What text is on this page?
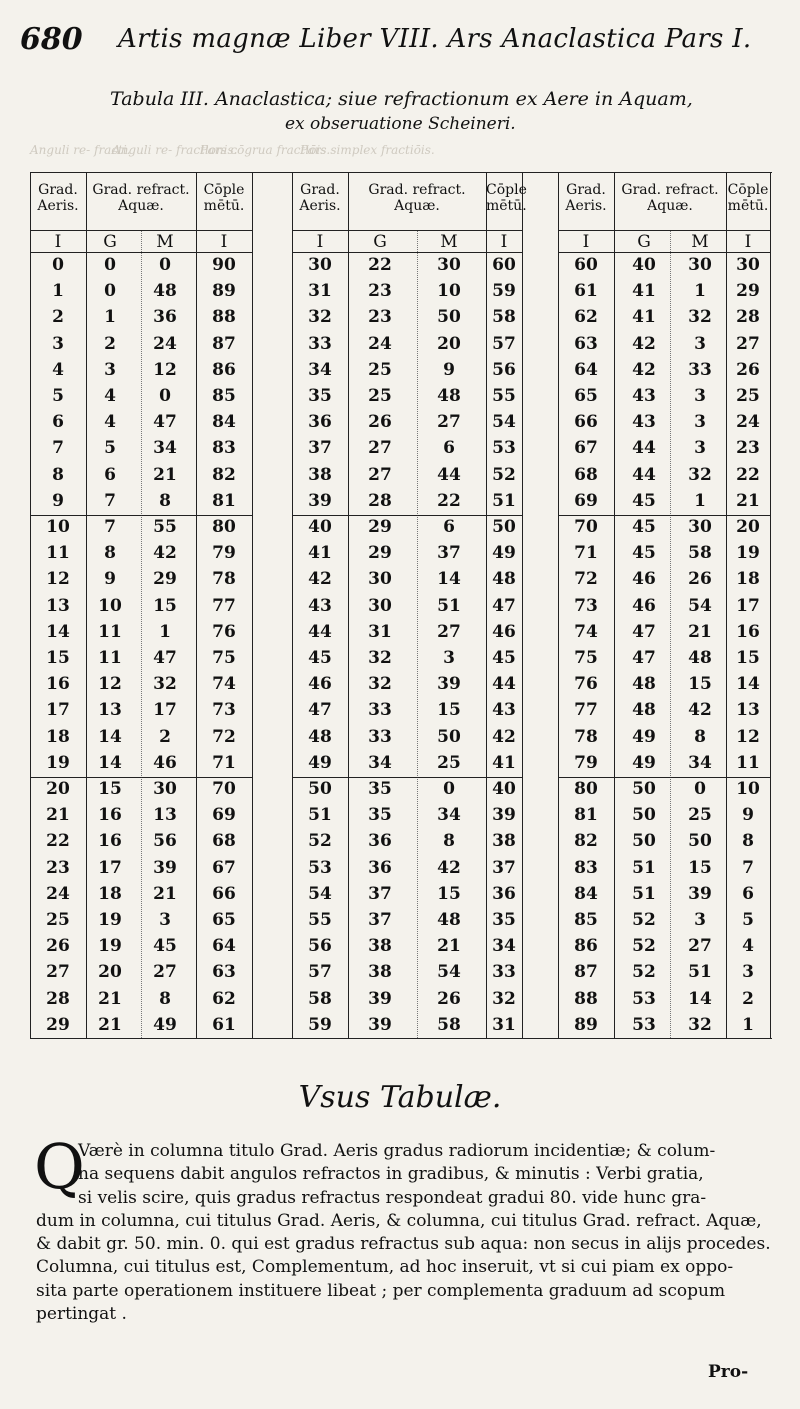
680 Artis magnæ Liber VIII. Ars Anaclastica Pars I.
Tabula III. Anaclastica; siue refractionum ex Aere in Aquam,
ex obseruatione Scheineri.
Anguli re- fracti.
Anguli re- fractionis.
Pars cōgrua fractiōis.
Pars simplex fractiōis.
Grad. Aeris.
Grad. refract. Aquæ.
Cōple mētū.
I	G	M	I
0	0	0	90
1	0	48	89
2	1	36	88
3	2	24	87
4	3	12	86
5	4	0	85
6	4	47	84
7	5	34	83
8	6	21	82
9	7	8	81
10	7	55	80
11	8	42	79
12	9	29	78
13	10	15	77
14	11	1	76
15	11	47	75
16	12	32	74
17	13	17	73
18	14	2	72
19	14	46	71
20	15	30	70
21	16	13	69
22	16	56	68
23	17	39	67
24	18	21	66
25	19	3	65
26	19	45	64
27	20	27	63
28	21	8	62
29	21	49	61
Grad. Aeris.
Grad. refract. Aquæ.
Cōple mētū.
I	G	M	I
30	22	30	60
31	23	10	59
32	23	50	58
33	24	20	57
34	25	9	56
35	25	48	55
36	26	27	54
37	27	6	53
38	27	44	52
39	28	22	51
40	29	6	50
41	29	37	49
42	30	14	48
43	30	51	47
44	31	27	46
45	32	3	45
46	32	39	44
47	33	15	43
48	33	50	42
49	34	25	41
50	35	0	40
51	35	34	39
52	36	8	38
53	36	42	37
54	37	15	36
55	37	48	35
56	38	21	34
57	38	54	33
58	39	26	32
59	39	58	31
Grad. Aeris.
Grad. refract. Aquæ.
Cōple mētū.
I	G	M	I
60	40	30	30
61	41	1	29
62	41	32	28
63	42	3	27
64	42	33	26
65	43	3	25
66	43	3	24
67	44	3	23
68	44	32	22
69	45	1	21
70	45	30	20
71	45	58	19
72	46	26	18
73	46	54	17
74	47	21	16
75	47	48	15
76	48	15	14
77	48	42	13
78	49	8	12
79	49	34	11
80	50	0	10
81	50	25	9
82	50	50	8
83	51	15	7
84	51	39	6
85	52	3	5
86	52	27	4
87	52	51	3
88	53	14	2
89	53	32	1
Vsus Tabulæ.
Q
Værè in columna titulo Grad. Aeris gradus radiorum incidentiæ; & colum-
na sequens dabit angulos refractos in gradibus, & minutis : Verbi gratia,
si velis scire, quis gradus refractus respondeat gradui 80. vide hunc gra-
dum in columna, cui titulus Grad. Aeris, & columna, cui titulus Grad. refract. Aquæ,
& dabit gr. 50. min. 0. qui est gradus refractus sub aqua: non secus in alijs procedes.
Columna, cui titulus est, Complementum, ad hoc inseruit, vt si cui piam ex oppo-
sita parte operationem instituere libeat ; per complementa graduum ad scopum
pertingat .
Pro-
